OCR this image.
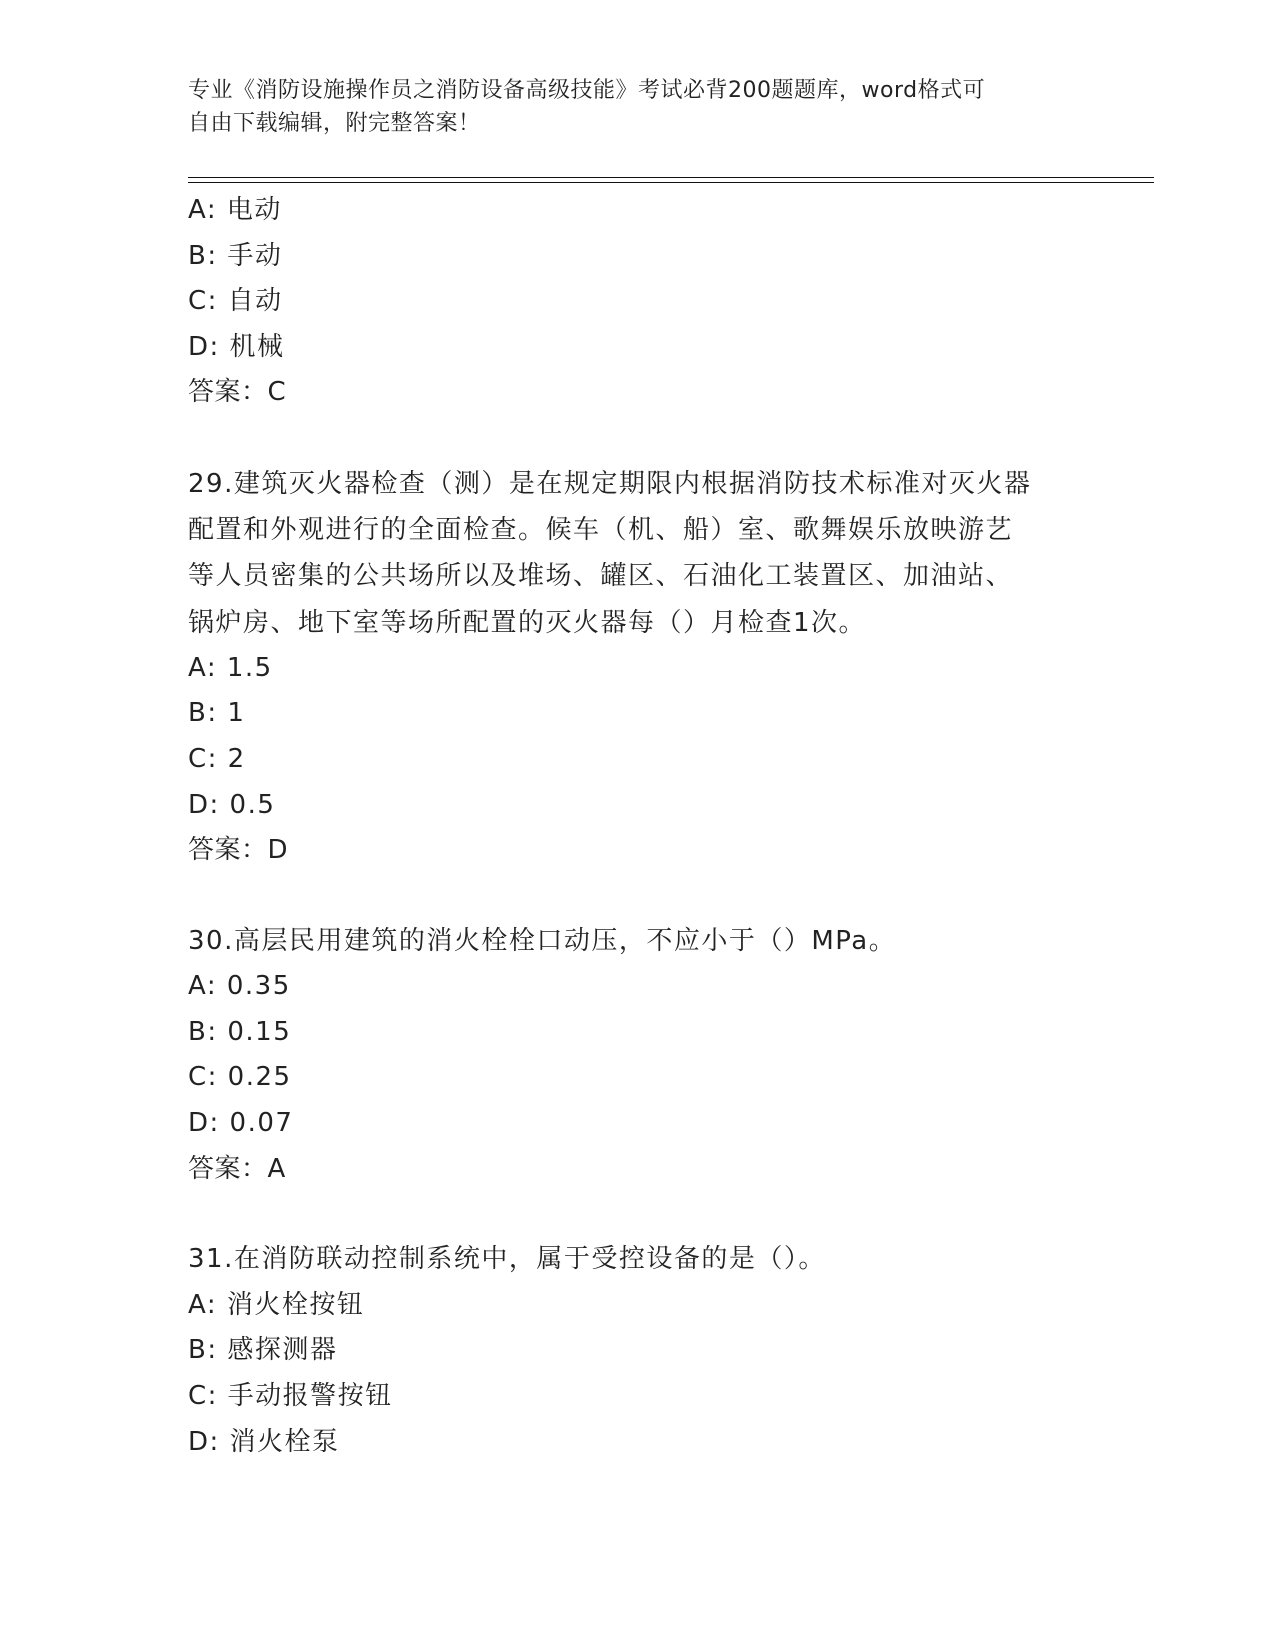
专业《消防设施操作员之消防设备高级技能》考试必背200题题库，word格式可
自由下载编辑，附完整答案！
A: 电动
B: 手动
C: 自动
D: 机械
答案：C
29.建筑灭火器检查（测）是在规定期限内根据消防技术标准对灭火器
配置和外观进行的全面检查。候车（机、船）室、歌舞娱乐放映游艺
等人员密集的公共场所以及堆场、罐区、石油化工装置区、加油站、
锅炉房、地下室等场所配置的灭火器每（）月检查1次。
A: 1.5
B: 1
C: 2
D: 0.5
答案：D
30.高层民用建筑的消火栓栓口动压，不应小于（）MPa。
A: 0.35
B: 0.15
C: 0.25
D: 0.07
答案：A
31.在消防联动控制系统中，属于受控设备的是（）。
A: 消火栓按钮
B: 感探测器
C: 手动报警按钮
D: 消火栓泵
